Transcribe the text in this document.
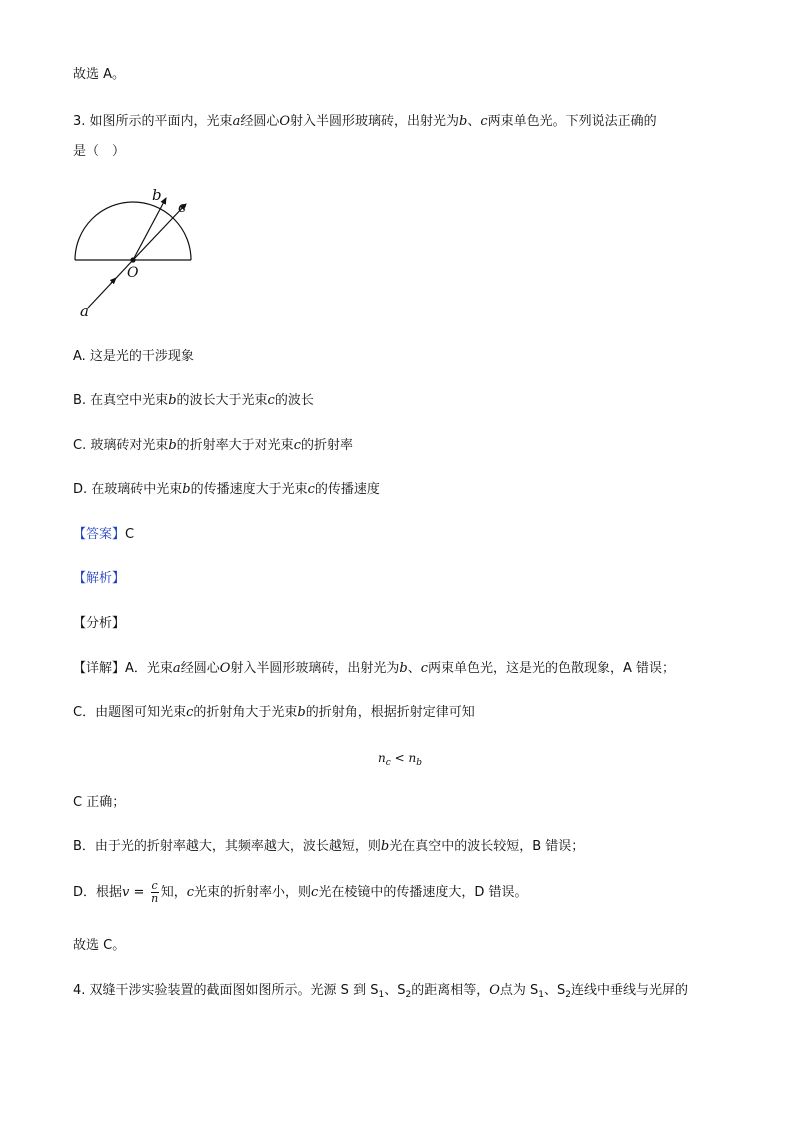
故选 A。
3. 如图所示的平面内，光束a经圆心O射入半圆形玻璃砖，出射光为b、c两束单色光。下列说法正确的
是（　）
b
c
O
a
A. 这是光的干涉现象
B. 在真空中光束b的波长大于光束c的波长
C. 玻璃砖对光束b的折射率大于对光束c的折射率
D. 在玻璃砖中光束b的传播速度大于光束c的传播速度
【答案】C
【解析】
【分析】
【详解】A．光束a经圆心O射入半圆形玻璃砖，出射光为b、c两束单色光，这是光的色散现象，A 错误；
C．由题图可知光束c的折射角大于光束b的折射角，根据折射定律可知
$n_c < n_b$
C 正确；
B．由于光的折射率越大，其频率越大，波长越短，则b光在真空中的波长较短，B 错误；
D．根据$v = \frac{c}{n}$ 知，c光束的折射率小，则c光在棱镜中的传播速度大，D 错误。
故选 C。
4. 双缝干涉实验装置的截面图如图所示。光源 S 到 $S_1$、$S_2$的距离相等，O点为 $S_1$、$S_2$连线中垂线与光屏的
